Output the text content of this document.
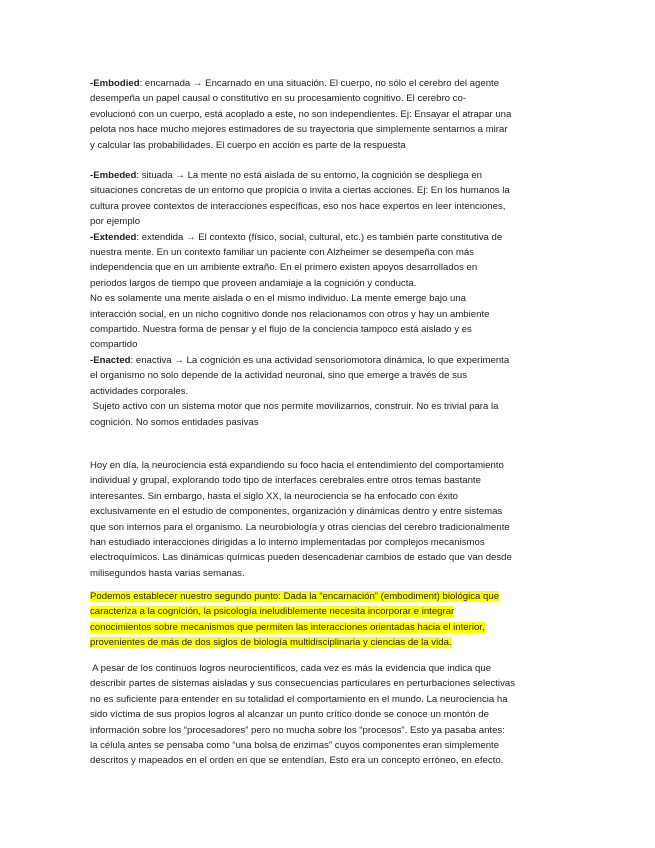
-Embodied: encarnada → Encarnado en una situación. El cuerpo, no sólo el cerebro del agente
desempeña un papel causal o constitutivo en su procesamiento cognitivo. El cerebro co-
evolucionó con un cuerpo, está acoplado a este, no son independientes. Ej: Ensayar el atrapar una
pelota nos hace mucho mejores estimadores de su trayectoria que simplemente sentarnos a mirar
y calcular las probabilidades. El cuerpo en acción es parte de la respuesta
-Embeded: situada → La mente no está aislada de su entorno, la cognición se despliega en
situaciones concretas de un entorno que propicia o invita a ciertas acciones. Ej: En los humanos la
cultura provee contextos de interacciones específicas, eso nos hace expertos en leer intenciones,
por ejemplo
-Extended: extendida → El contexto (físico, social, cultural, etc.) es también parte constitutiva de
nuestra mente. En un contexto familiar un paciente con Alzheimer se desempeña con más
independencia que en un ambiente extraño. En el primero existen apoyos desarrollados en
periodos largos de tiempo que proveen andamiaje a la cognición y conducta.
No es solamente una mente aislada o en el mismo individuo. La mente emerge bajo una
interacción social, en un nicho cognitivo donde nos relacionamos con otros y hay un ambiente
compartido. Nuestra forma de pensar y el flujo de la conciencia tampoco está aislado y es
compartido
-Enacted: enactiva → La cognición es una actividad sensoriomotora dinámica, lo que experimenta
el organismo no solo depende de la actividad neuronal, sino que emerge a través de sus
actividades corporales.
Sujeto activo con un sistema motor que nos permite movilizarnos, construir. No es trivial para la
cognición. No somos entidades pasivas
Hoy en día, la neurociencia está expandiendo su foco hacia el entendimiento del comportamiento
individual y grupal, explorando todo tipo de interfaces cerebrales entre otros temas bastante
interesantes. Sin embargo, hasta el siglo XX, la neurociencia se ha enfocado con éxito
exclusivamente en el estudio de componentes, organización y dinámicas dentro y entre sistemas
que son internos para el organismo. La neurobiología y otras ciencias del cerebro tradicionalmente
han estudiado interacciones dirigidas a lo interno implementadas por complejos mecanismos
electroquímicos. Las dinámicas químicas pueden desencadenar cambios de estado que van desde
milisegundos hasta varias semanas.
Podemos establecer nuestro segundo punto: Dada la “encarnación” (embodiment) biológica que
caracteriza a la cognición, la psicología ineludiblemente necesita incorporar e integrar
conocimientos sobre mecanismos que permiten las interacciones orientadas hacia el interior,
provenientes de más de dos siglos de biología multidisciplinaria y ciencias de la vida.
A pesar de los continuos logros neurocientíficos, cada vez es más la evidencia que indica que
describir partes de sistemas aisladas y sus consecuencias particulares en perturbaciones selectivas
no es suficiente para entender en su totalidad el comportamiento en el mundo. La neurociencia ha
sido víctima de sus propios logros al alcanzar un punto crítico donde se conoce un montón de
información sobre los “procesadores” pero no mucha sobre los “procesos”. Esto ya pasaba antes:
la célula antes se pensaba como “una bolsa de enzimas” cuyos componentes eran simplemente
descritos y mapeados en el orden en que se entendían. Esto era un concepto erróneo, en efecto.
